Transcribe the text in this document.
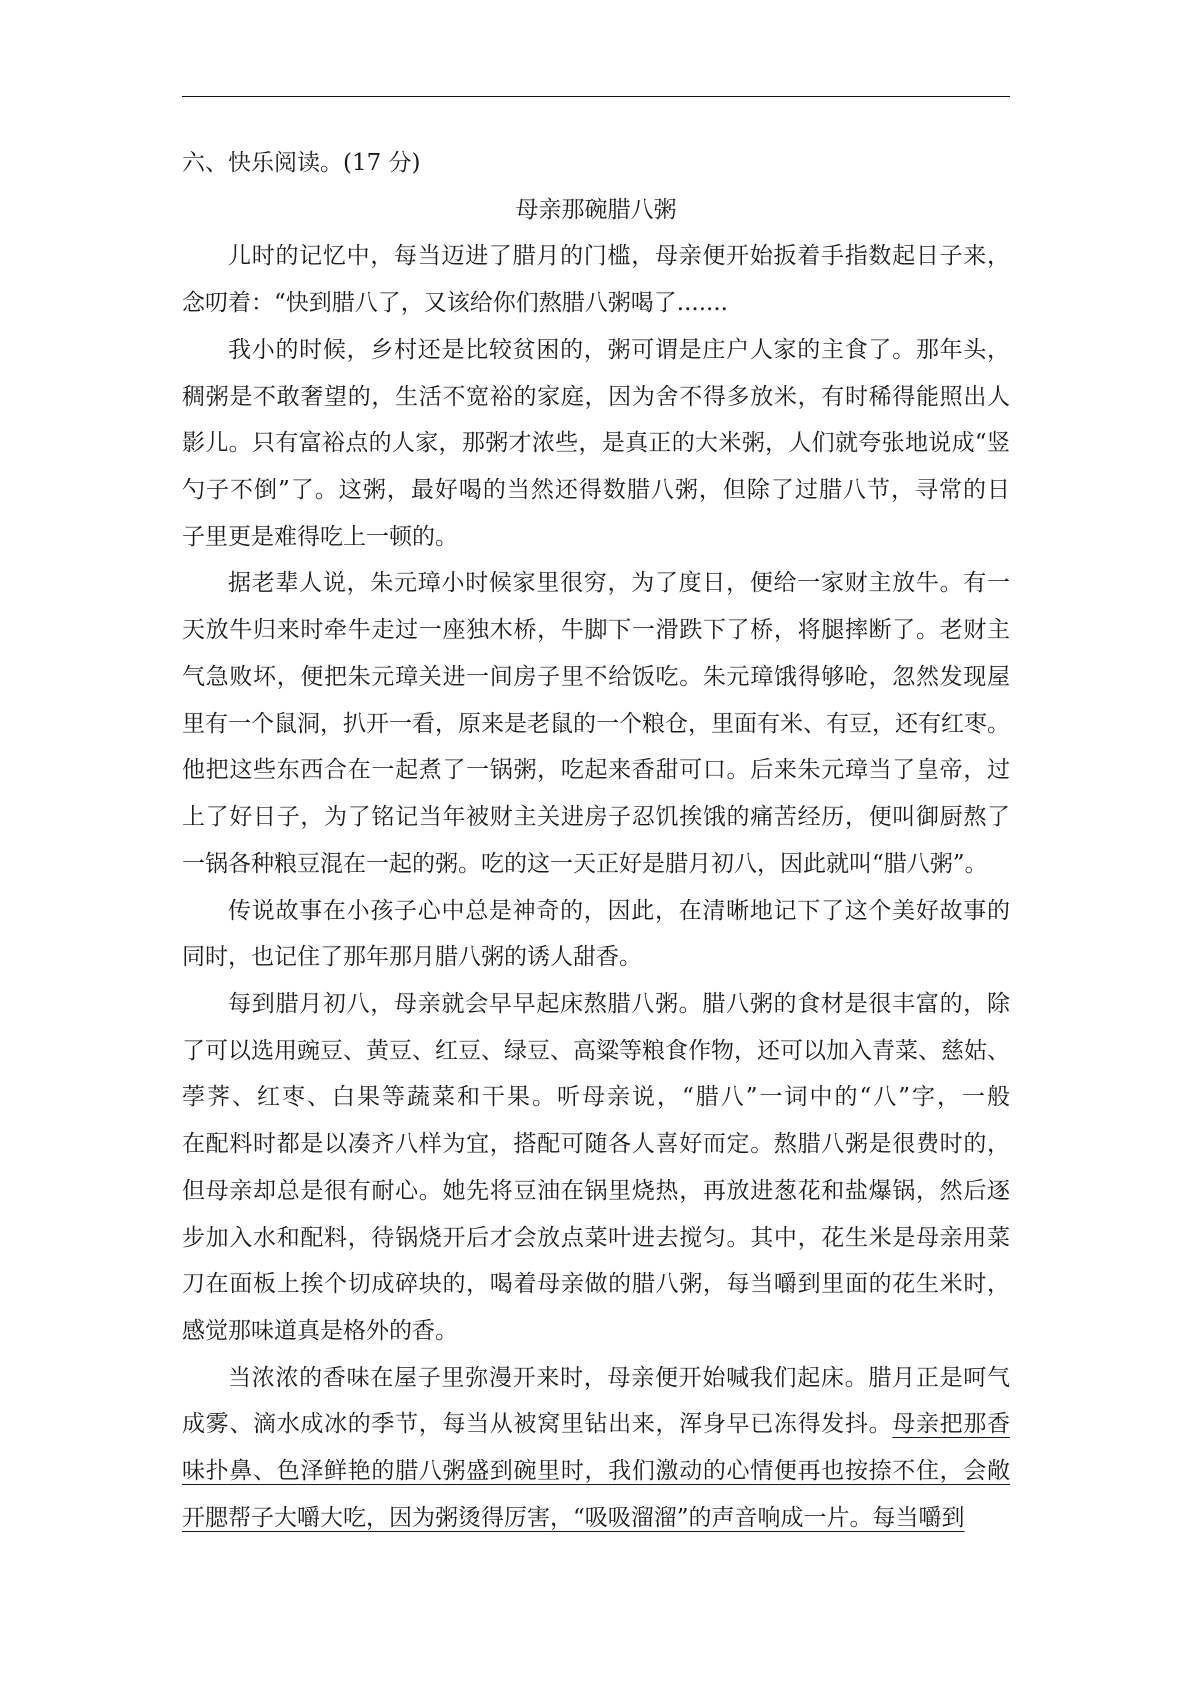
六、快乐阅读。(17 分)
母亲那碗腊八粥
儿时的记忆中，每当迈进了腊月的门槛，母亲便开始扳着手指数起日子来，
念叨着：“快到腊八了，又该给你们熬腊八粥喝了.......
我小的时候，乡村还是比较贫困的，粥可谓是庄户人家的主食了。那年头，
稠粥是不敢奢望的，生活不宽裕的家庭，因为舍不得多放米，有时稀得能照出人
影儿。只有富裕点的人家，那粥才浓些，是真正的大米粥，人们就夸张地说成“竖
勺子不倒”了。这粥，最好喝的当然还得数腊八粥，但除了过腊八节，寻常的日
子里更是难得吃上一顿的。
据老辈人说，朱元璋小时候家里很穷，为了度日，便给一家财主放牛。有一
天放牛归来时牵牛走过一座独木桥，牛脚下一滑跌下了桥，将腿摔断了。老财主
气急败坏，便把朱元璋关进一间房子里不给饭吃。朱元璋饿得够呛，忽然发现屋
里有一个鼠洞，扒开一看，原来是老鼠的一个粮仓，里面有米、有豆，还有红枣。
他把这些东西合在一起煮了一锅粥，吃起来香甜可口。后来朱元璋当了皇帝，过
上了好日子，为了铭记当年被财主关进房子忍饥挨饿的痛苦经历，便叫御厨熬了
一锅各种粮豆混在一起的粥。吃的这一天正好是腊月初八，因此就叫“腊八粥”。
传说故事在小孩子心中总是神奇的，因此，在清晰地记下了这个美好故事的
同时，也记住了那年那月腊八粥的诱人甜香。
每到腊月初八，母亲就会早早起床熬腊八粥。腊八粥的食材是很丰富的，除
了可以选用豌豆、黄豆、红豆、绿豆、高粱等粮食作物，还可以加入青菜、慈姑、
荸荠、红枣、白果等蔬菜和干果。听母亲说，“腊八”一词中的“八”字，一般
在配料时都是以凑齐八样为宜，搭配可随各人喜好而定。熬腊八粥是很费时的，
但母亲却总是很有耐心。她先将豆油在锅里烧热，再放进葱花和盐爆锅，然后逐
步加入水和配料，待锅烧开后才会放点菜叶进去搅匀。其中，花生米是母亲用菜
刀在面板上挨个切成碎块的，喝着母亲做的腊八粥，每当嚼到里面的花生米时，
感觉那味道真是格外的香。
当浓浓的香味在屋子里弥漫开来时，母亲便开始喊我们起床。腊月正是呵气
成雾、滴水成冰的季节，每当从被窝里钻出来，浑身早已冻得发抖。母亲把那香
味扑鼻、色泽鲜艳的腊八粥盛到碗里时，我们激动的心情便再也按捺不住，会敞
开腮帮子大嚼大吃，因为粥烫得厉害，“吸吸溜溜”的声音响成一片。每当嚼到
